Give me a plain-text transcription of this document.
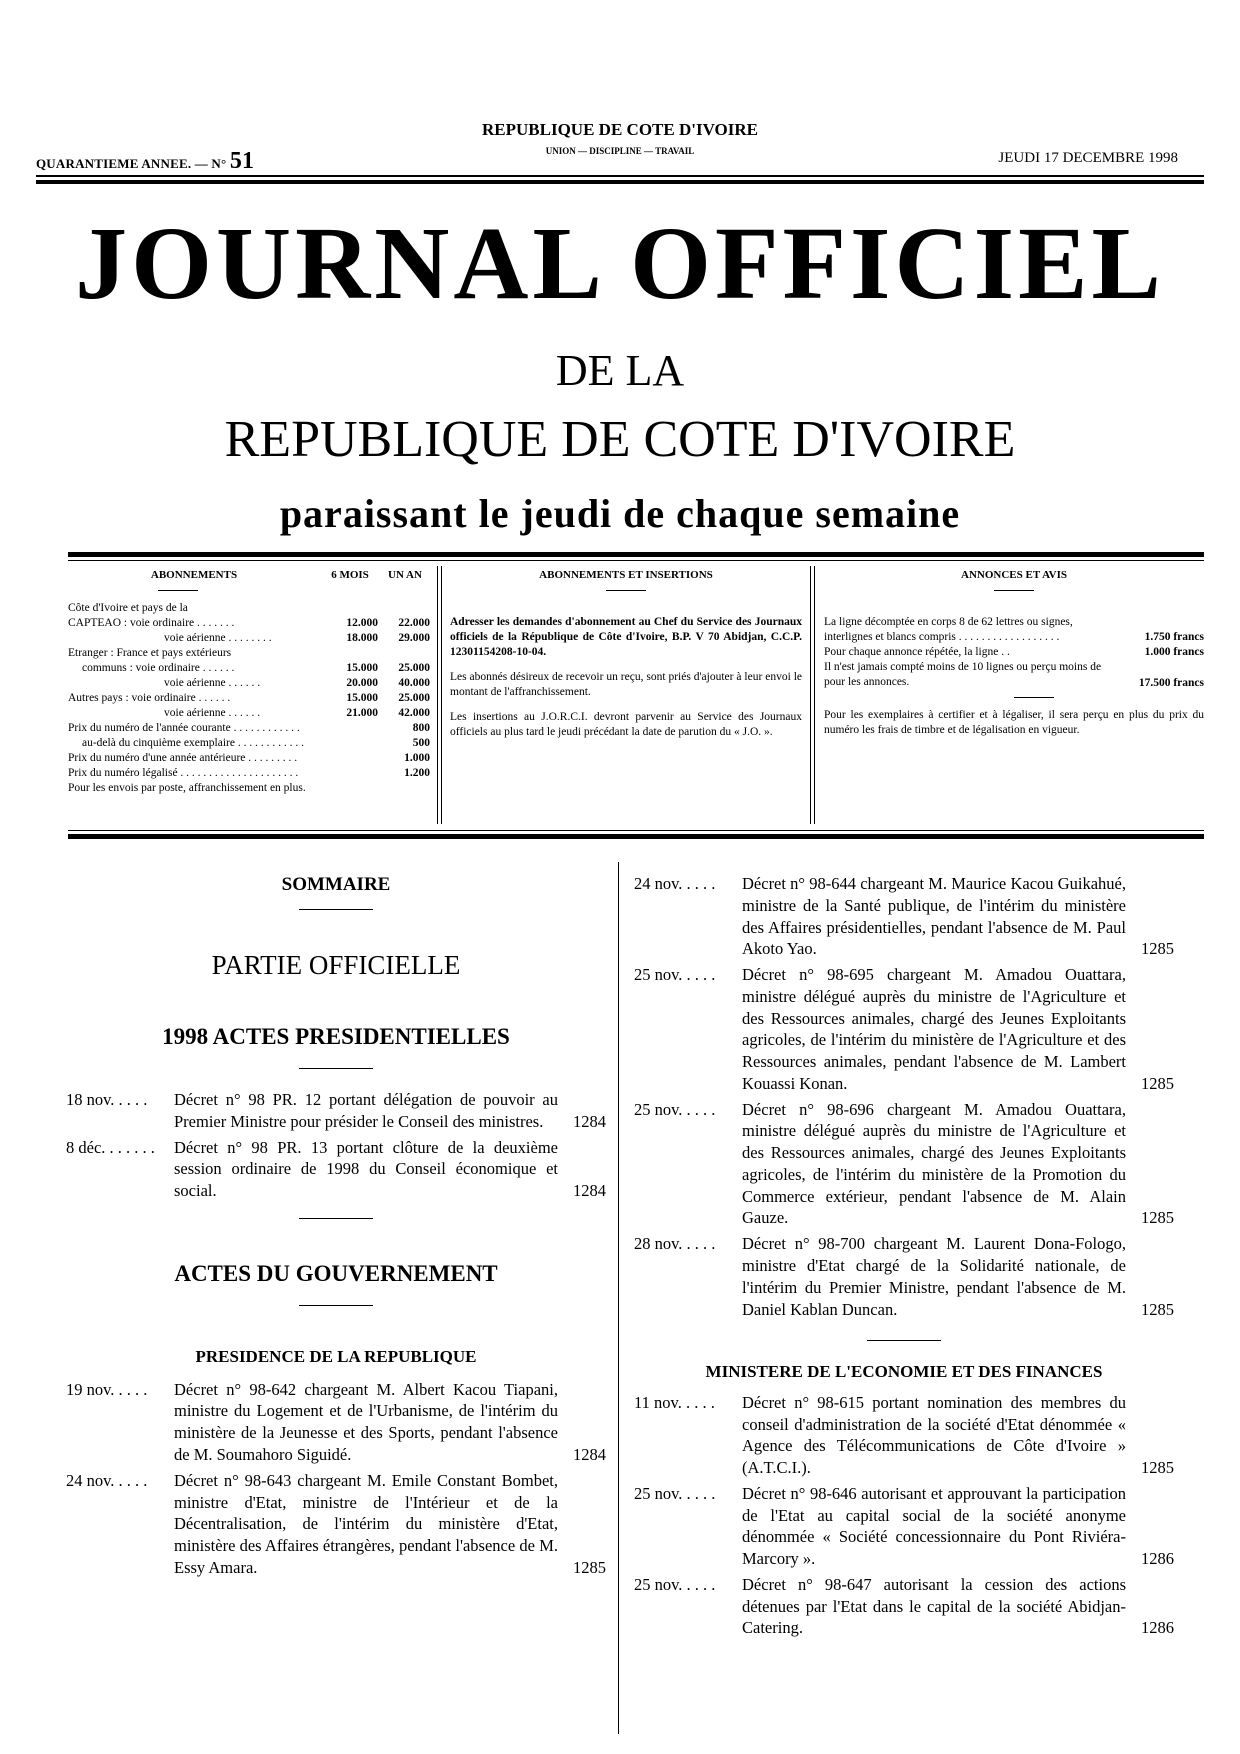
QUARANTIEME ANNEE. — N° 51
REPUBLIQUE DE COTE D'IVOIRE
UNION — DISCIPLINE — TRAVAIL	JEUDI 17 DECEMBRE 1998
JOURNAL OFFICIEL
DE LA
REPUBLIQUE DE COTE D'IVOIRE
paraissant le jeudi de chaque semaine
ABONNEMENTS	6 MOIS	UN AN
Côte d'Ivoire et pays de la
CAPTEAO : voie ordinaire . . . . . . .	12.000	22.000
voie aérienne . . . . . . . .	18.000	29.000
Etranger : France et pays extérieurs
communs : voie ordinaire . . . . . .	15.000	25.000
voie aérienne . . . . . .	20.000	40.000
Autres pays : voie ordinaire . . . . . .	15.000	25.000
voie aérienne . . . . . .	21.000	42.000
Prix du numéro de l'année courante . . . . . . . . . . . .	800
au-delà du cinquième exemplaire . . . . . . . . . . . .	500
Prix du numéro d'une année antérieure . . . . . . . . .	1.000
Prix du numéro légalisé . . . . . . . . . . . . . . . . . . . . .	1.200
Pour les envois par poste, affranchissement en plus.
ABONNEMENTS ET INSERTIONS

Adresser les demandes d'abonnement au Chef du Service des Journaux officiels de la République de Côte d'Ivoire, B.P. V 70 Abidjan, C.C.P. 12301154208-10-04.

Les abonnés désireux de recevoir un reçu, sont priés d'ajouter à leur envoi le montant de l'affranchissement.

Les insertions au J.O.R.C.I. devront parvenir au Service des Journaux officiels au plus tard le jeudi précédant la date de parution du « J.O. ».

ANNONCES ET AVIS
La ligne décomptée en corps 8 de 62 lettres ou signes, interlignes et blancs compris . . . . . . . . . . . . . . . . . .	1.750 francs
Pour chaque annonce répétée, la ligne . .	1.000 francs
Il n'est jamais compté moins de 10 lignes ou perçu moins de pour les annonces.	17.500 francs

Pour les exemplaires à certifier et à légaliser, il sera perçu en plus du prix du numéro les frais de timbre et de légalisation en vigueur.

SOMMAIRE
PARTIE OFFICIELLE
1998 ACTES PRESIDENTIELLES
18 nov. . . . .	Décret n° 98 PR. 12 portant délégation de pouvoir au Premier Ministre pour présider le Conseil des ministres.	1284
8 déc. . . . . . .	Décret n° 98 PR. 13 portant clôture de la deuxième session ordinaire de 1998 du Conseil économique et social.	1284
ACTES DU GOUVERNEMENT
PRESIDENCE DE LA REPUBLIQUE
19 nov. . . . .	Décret n° 98-642 chargeant M. Albert Kacou Tiapani, ministre du Logement et de l'Urbanisme, de l'intérim du ministère de la Jeunesse et des Sports, pendant l'absence de M. Soumahoro Siguidé.	1284
24 nov. . . . .	Décret n° 98-643 chargeant M. Emile Constant Bombet, ministre d'Etat, ministre de l'Intérieur et de la Décentralisation, de l'intérim du ministère d'Etat, ministère des Affaires étrangères, pendant l'absence de M. Essy Amara.	1285
24 nov. . . . .	Décret n° 98-644 chargeant M. Maurice Kacou Guikahué, ministre de la Santé publique, de l'intérim du ministère des Affaires présidentielles, pendant l'absence de M. Paul Akoto Yao.	1285
25 nov. . . . .	Décret n° 98-695 chargeant M. Amadou Ouattara, ministre délégué auprès du ministre de l'Agriculture et des Ressources animales, chargé des Jeunes Exploitants agricoles, de l'intérim du ministère de l'Agriculture et des Ressources animales, pendant l'absence de M. Lambert Kouassi Konan.	1285
25 nov. . . . .	Décret n° 98-696 chargeant M. Amadou Ouattara, ministre délégué auprès du ministre de l'Agriculture et des Ressources animales, chargé des Jeunes Exploitants agricoles, de l'intérim du ministère de la Promotion du Commerce extérieur, pendant l'absence de M. Alain Gauze.	1285
28 nov. . . . .	Décret n° 98-700 chargeant M. Laurent Dona-Fologo, ministre d'Etat chargé de la Solidarité nationale, de l'intérim du Premier Ministre, pendant l'absence de M. Daniel Kablan Duncan.	1285
MINISTERE DE L'ECONOMIE ET DES FINANCES
11 nov. . . . .	Décret n° 98-615 portant nomination des membres du conseil d'administration de la société d'Etat dénommée « Agence des Télécommunications de Côte d'Ivoire » (A.T.C.I.).	1285
25 nov. . . . .	Décret n° 98-646 autorisant et approuvant la participation de l'Etat au capital social de la société anonyme dénommée « Société concessionnaire du Pont Riviéra-Marcory ».	1286
25 nov. . . . .	Décret n° 98-647 autorisant la cession des actions détenues par l'Etat dans le capital de la société Abidjan-Catering.	1286
